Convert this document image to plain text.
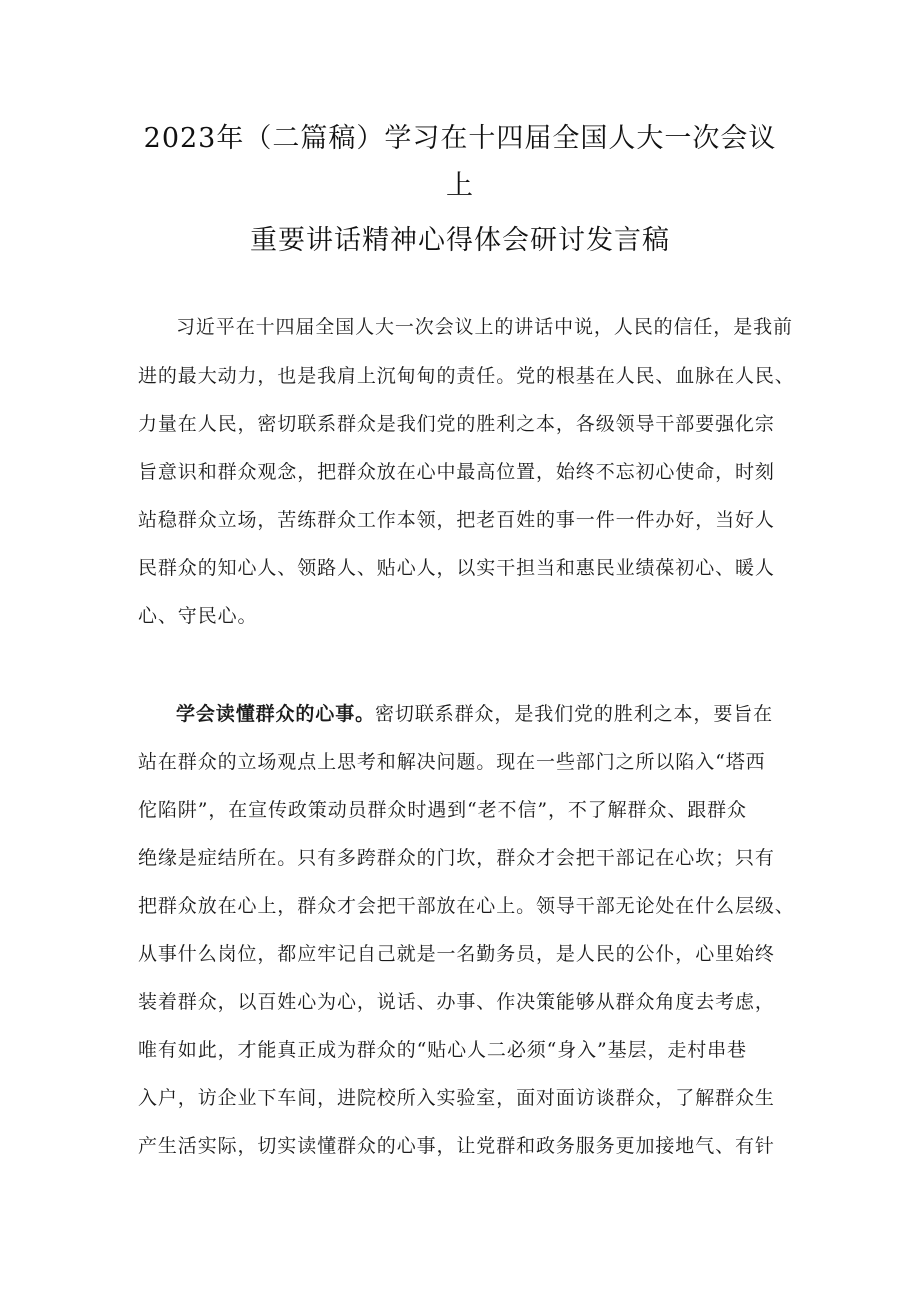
2023年（二篇稿）学习在十四届全国人大一次会议
上
重要讲话精神心得体会研讨发言稿
习近平在十四届全国人大一次会议上的讲话中说，人民的信任，是我前
进的最大动力，也是我肩上沉甸甸的责任。党的根基在人民、血脉在人民、
力量在人民，密切联系群众是我们党的胜利之本，各级领导干部要强化宗
旨意识和群众观念，把群众放在心中最高位置，始终不忘初心使命，时刻
站稳群众立场，苦练群众工作本领，把老百姓的事一件一件办好，当好人
民群众的知心人、领路人、贴心人，以实干担当和惠民业绩葆初心、暖人
心、守民心。
学会读懂群众的心事。密切联系群众，是我们党的胜利之本，要旨在
站在群众的立场观点上思考和解决问题。现在一些部门之所以陷入“塔西
佗陷阱”，在宣传政策动员群众时遇到“老不信”，不了解群众、跟群众
绝缘是症结所在。只有多跨群众的门坎，群众才会把干部记在心坎；只有
把群众放在心上，群众才会把干部放在心上。领导干部无论处在什么层级、
从事什么岗位，都应牢记自己就是一名勤务员，是人民的公仆，心里始终
装着群众，以百姓心为心，说话、办事、作决策能够从群众角度去考虑，
唯有如此，才能真正成为群众的“贴心人二必须“身入”基层，走村串巷
入户，访企业下车间，进院校所入实验室，面对面访谈群众，了解群众生
产生活实际，切实读懂群众的心事，让党群和政务服务更加接地气、有针
